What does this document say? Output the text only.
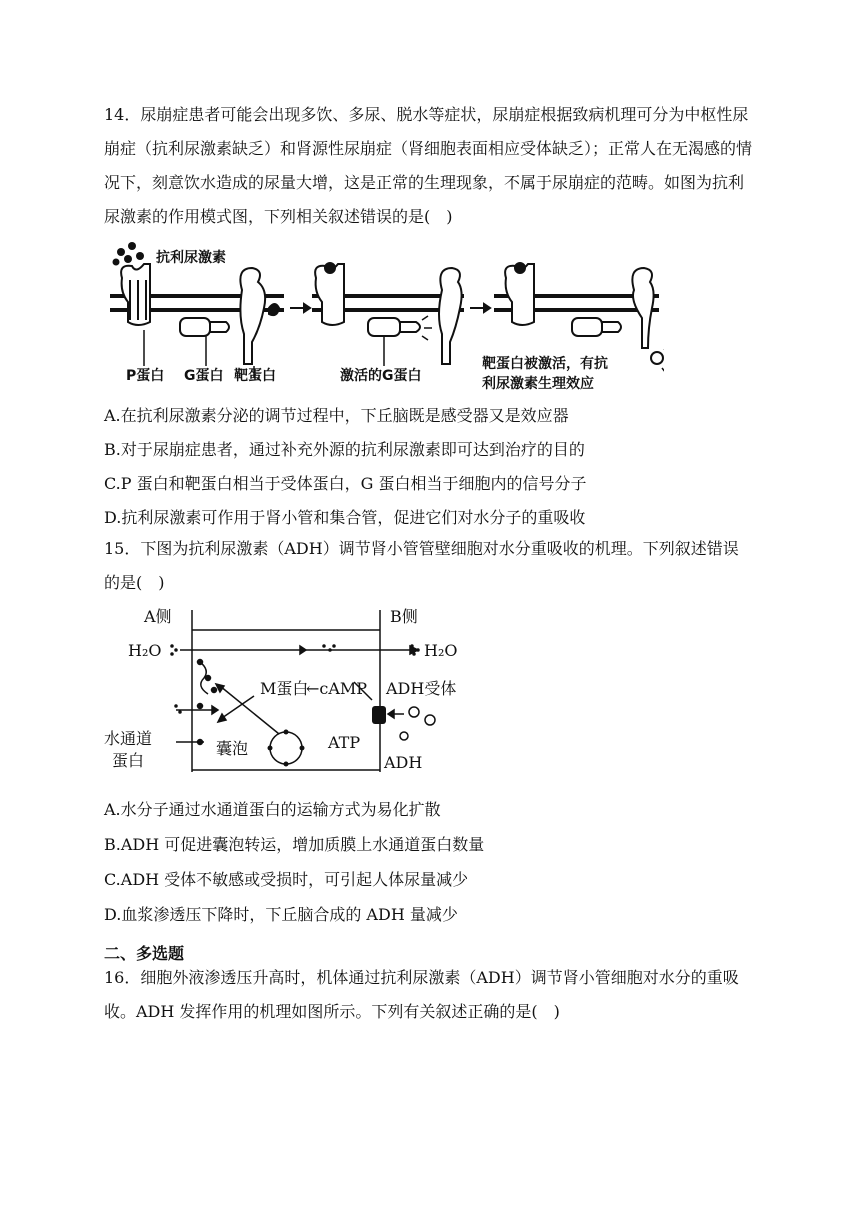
14．尿崩症患者可能会出现多饮、多尿、脱水等症状，尿崩症根据致病机理可分为中枢性尿崩症（抗利尿激素缺乏）和肾源性尿崩症（肾细胞表面相应受体缺乏）；正常人在无渴感的情况下，刻意饮水造成的尿量大增，这是正常的生理现象，不属于尿崩症的范畴。如图为抗利尿激素的作用模式图，下列相关叙述错误的是(　)
抗利尿激素
P蛋白 G蛋白 靶蛋白	激活的G蛋白
靶蛋白被激活，有抗
利尿激素生理效应
A.在抗利尿激素分泌的调节过程中，下丘脑既是感受器又是效应器
B.对于尿崩症患者，通过补充外源的抗利尿激素即可达到治疗的目的
C.P 蛋白和靶蛋白相当于受体蛋白，G 蛋白相当于细胞内的信号分子
D.抗利尿激素可作用于肾小管和集合管，促进它们对水分子的重吸收
15．下图为抗利尿激素（ADH）调节肾小管管壁细胞对水分重吸收的机理。下列叙述错误的是(　)
A侧	B侧
H₂O	H₂O
M蛋白
←cAMP ADH受体
ATP
ADH
囊泡
水通道
蛋白
A.水分子通过水通道蛋白的运输方式为易化扩散
B.ADH 可促进囊泡转运，增加质膜上水通道蛋白数量
C.ADH 受体不敏感或受损时，可引起人体尿量减少
D.血浆渗透压下降时，下丘脑合成的 ADH 量减少
二、多选题
16．细胞外液渗透压升高时，机体通过抗利尿激素（ADH）调节肾小管细胞对水分的重吸收。ADH 发挥作用的机理如图所示。下列有关叙述正确的是(　)
